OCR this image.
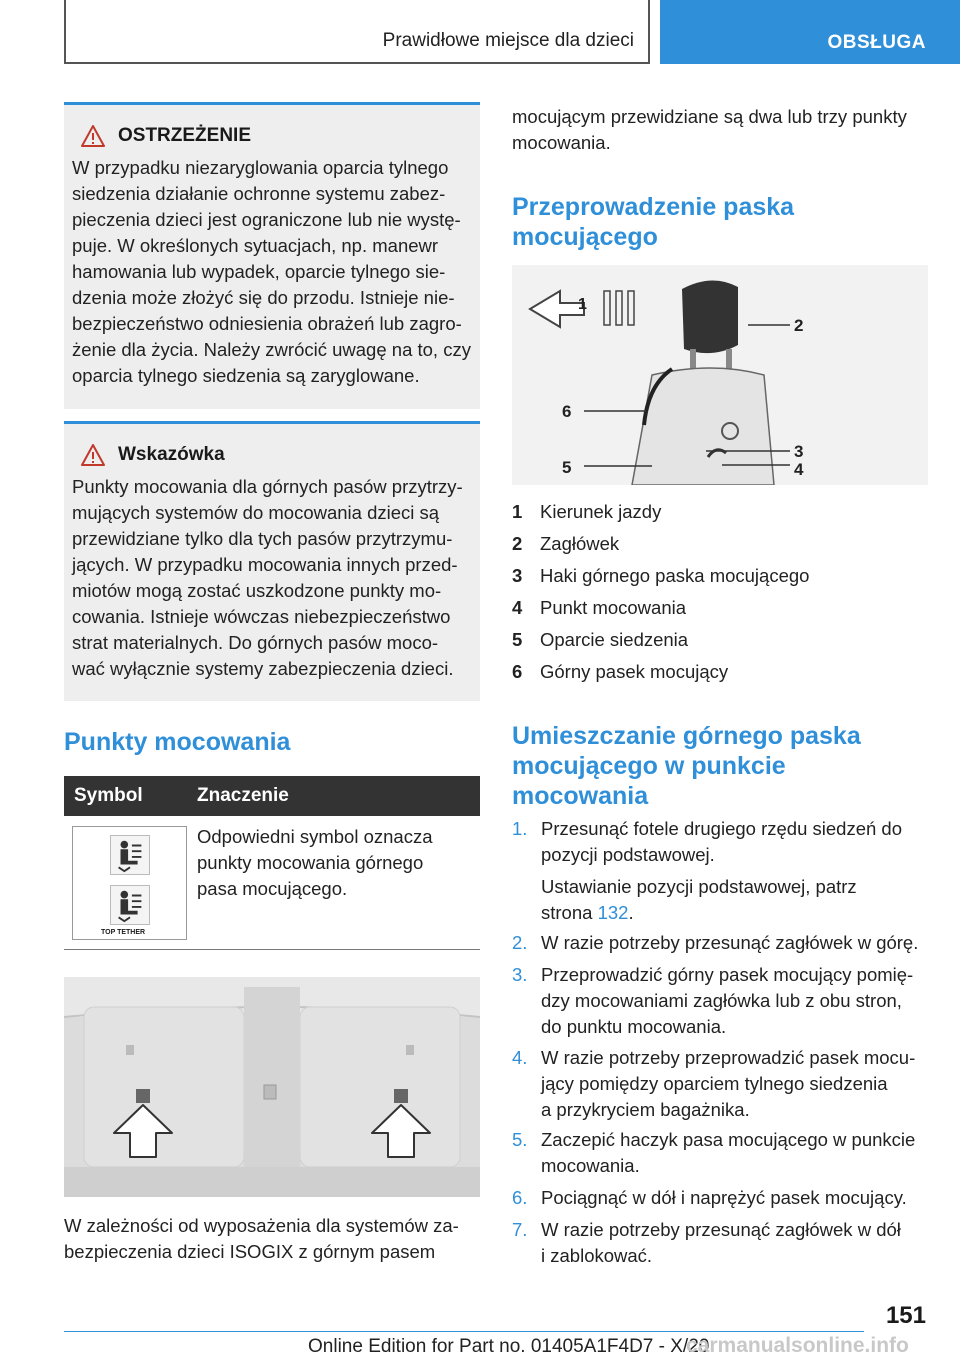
Prawidłowe miejsce dla dzieci	OBSŁUGA
OSTRZEŻENIE
W przypadku niezaryglowania oparcia tylnego
siedzenia działanie ochronne systemu zabez-
pieczenia dzieci jest ograniczone lub nie wystę-
puje. W określonych sytuacjach, np. manewr
hamowania lub wypadek, oparcie tylnego sie-
dzenia może złożyć się do przodu. Istnieje nie-
bezpieczeństwo odniesienia obrażeń lub zagro-
żenie dla życia. Należy zwrócić uwagę na to, czy
oparcia tylnego siedzenia są zaryglowane.
Wskazówka
Punkty mocowania dla górnych pasów przytrzy-
mujących systemów do mocowania dzieci są
przewidziane tylko dla tych pasów przytrzymu-
jących. W przypadku mocowania innych przed-
miotów mogą zostać uszkodzone punkty mo-
cowania. Istnieje wówczas niebezpieczeństwo
strat materialnych. Do górnych pasów moco-
wać wyłącznie systemy zabezpieczenia dzieci.
Punkty mocowania
Symbol	Znaczenie
TOP TETHER
Odpowiedni symbol oznacza
punkty mocowania górnego
pasa mocującego.
W zależności od wyposażenia dla systemów za-
bezpieczenia dzieci ISOGIX z górnym pasem
mocującym przewidziane są dwa lub trzy punkty
mocowania.
Przeprowadzenie paska
mocującego
1
2
3
4
5
6
1 Kierunek jazdy
2 Zagłówek
3 Haki górnego paska mocującego
4 Punkt mocowania
5 Oparcie siedzenia
6 Górny pasek mocujący
Umieszczanie górnego paska
mocującego w punkcie
mocowania
1. Przesunąć fotele drugiego rzędu siedzeń do
pozycji podstawowej.
Ustawianie pozycji podstawowej, patrz
strona 132.
2. W razie potrzeby przesunąć zagłówek w górę.
3. Przeprowadzić górny pasek mocujący pomię-
dzy mocowaniami zagłówka lub z obu stron,
do punktu mocowania.
4. W razie potrzeby przeprowadzić pasek mocu-
jący pomiędzy oparciem tylnego siedzenia
a przykryciem bagażnika.
5. Zaczepić haczyk pasa mocującego w punkcie
mocowania.
6. Pociągnąć w dół i naprężyć pasek mocujący.
7. W razie potrzeby przesunąć zagłówek w dół
i zablokować.
151
Online Edition for Part no. 01405A1F4D7 - X/20
carmanualsonline.info
